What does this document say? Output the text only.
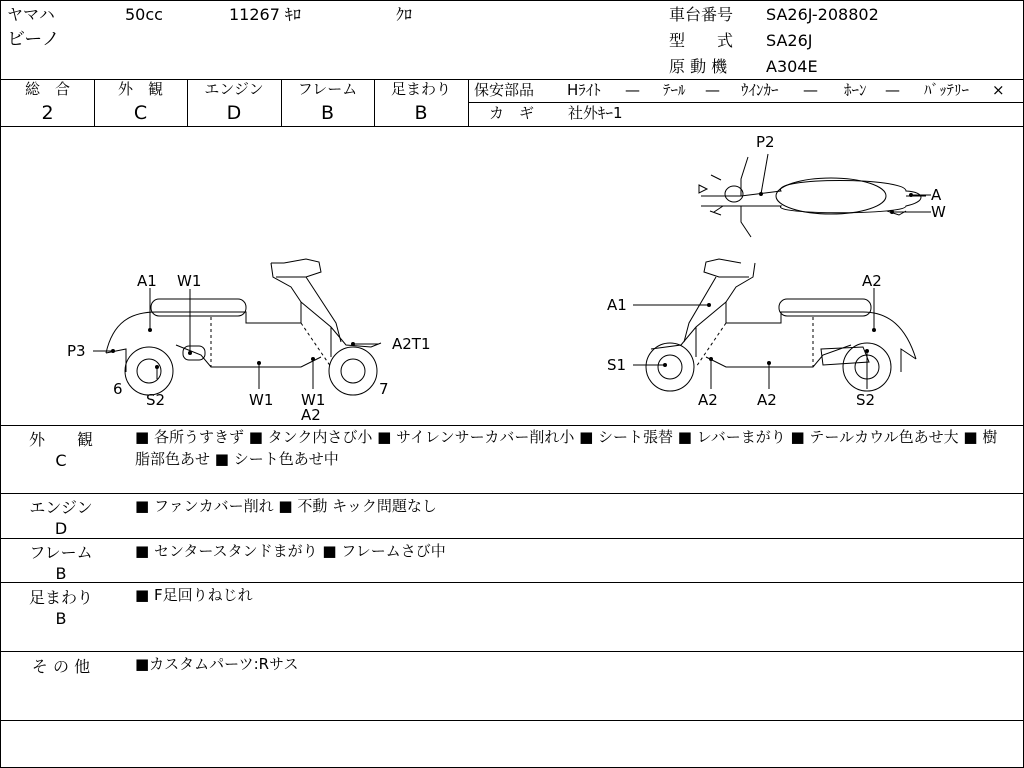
ヤマハ	50cc	11267 ｷﾛ	ｸﾛ
ビーノ
車台番号 SA26J-208802
型　　式 SA26J
原 動 機 A304E
総　合
2
外　観
C
エンジン
D
フレーム
B
足まわり
B
保安部品 Hﾗｲﾄ — ﾃｰﾙ — ｳｲﾝｶｰ — ﾎｰﾝ — ﾊﾞｯﾃﾘｰ ×
カ　ギ 社外ｷｰ1
P2
A
W
A1 W1
P3	A2T1
6
S2	W1 W1
A2
7
A1
A2
S1
A2	A2	S2
外　　観
C
■ 各所うすきず ■ タンク内さび小 ■ サイレンサーカバー削れ小 ■ シート張替 ■ レバーまがり ■ テールカウル色あせ大 ■ 樹脂部色あせ ■ シート色あせ中
エンジン
D
■ ファンカバー削れ ■ 不動 キック問題なし
フレーム
B
■ センタースタンドまがり ■ フレームさび中
足まわり
B
■ F足回りねじれ
そ の 他	■カスタムパーツ:Rサス
